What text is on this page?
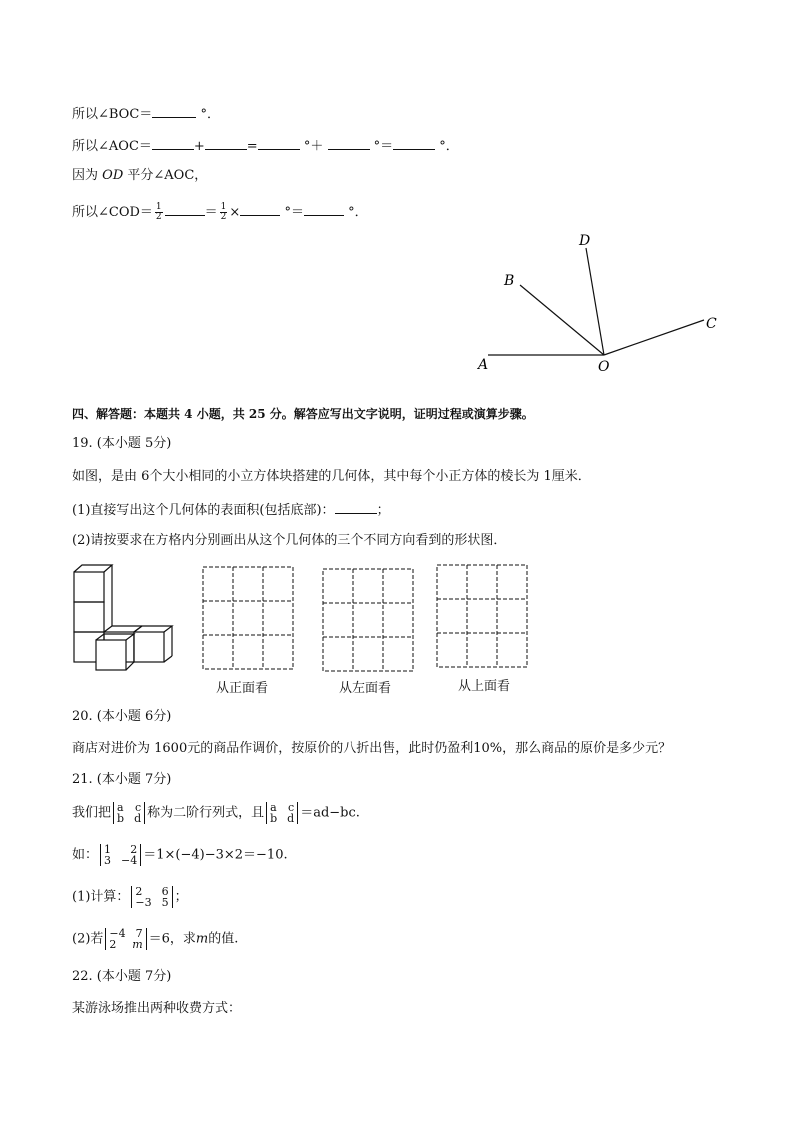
所以∠BOC＝	°．
所以∠AOC＝	+	=	°＋	°＝	°．
因为 OD 平分∠AOC，
所以∠COD＝ $\frac{1}{2}$	＝ $\frac{1}{2}$ ×	°＝	°．
A
B
D
C
O
四、解答题：本题共 4 小题，共 25 分。解答应写出文字说明，证明过程或演算步骤。
19. (本小题 5分)
如图，是由 6个大小相同的小立方体块搭建的几何体，其中每个小正方体的棱长为 1厘米．
(1)直接写出这个几何体的表面积(包括底部)：	；
(2)请按要求在方格内分别画出从这个几何体的三个不同方向看到的形状图．
从正面看	从左面看	从上面看
20. (本小题 6分)
商店对进价为 1600元的商品作调价，按原价的八折出售，此时仍盈利10%，那么商品的原价是多少元？
21. (本小题 7分)
我们把 a c
b d 称为二阶行列式，且 a c
b d ＝ad−bc.
如： 1 2
3 −4 ＝1×(−4)−3×2＝−10.
(1)计算： 2 6
−3 5 ；
(2)若 −4 7
2 m ＝6，求m的值.
22. (本小题 7分)
某游泳场推出两种收费方式：
